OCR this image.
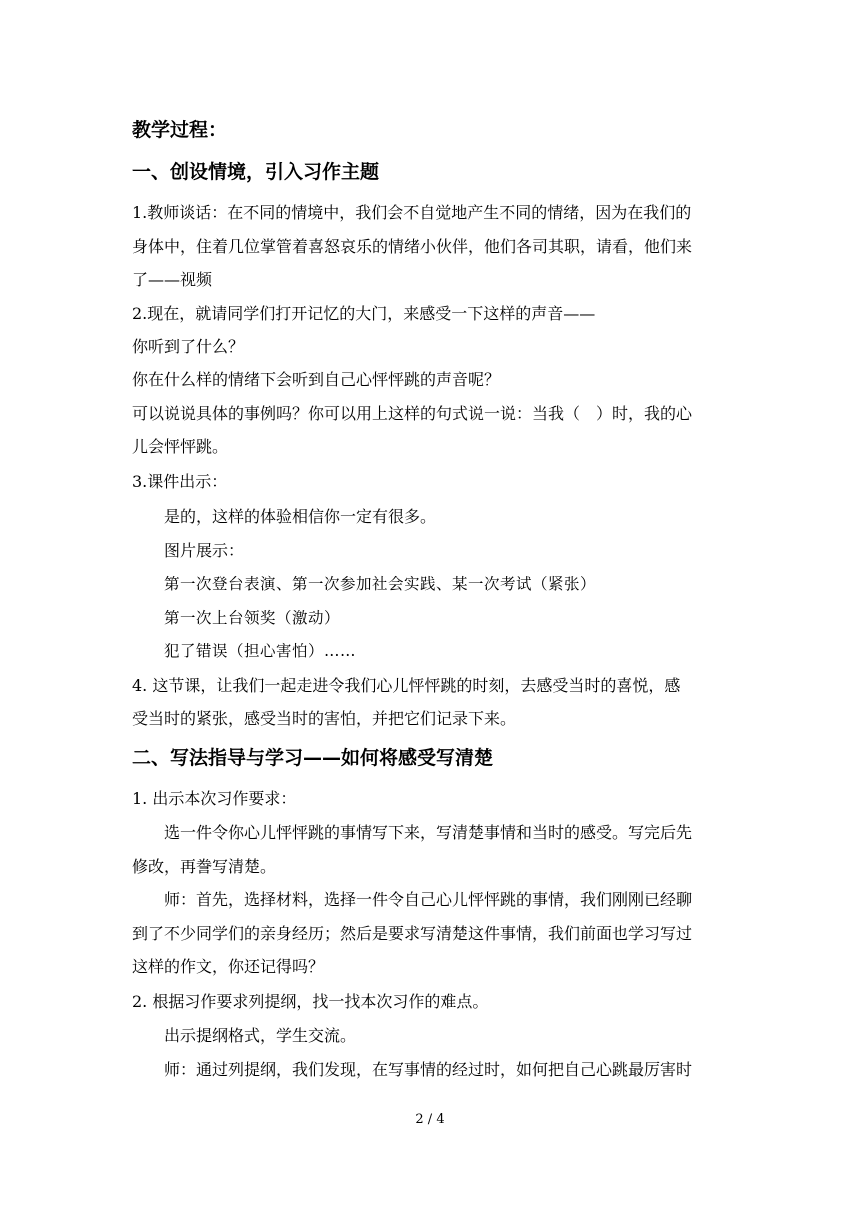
教学过程：
一、创设情境，引入习作主题
1.教师谈话：在不同的情境中，我们会不自觉地产生不同的情绪，因为在我们的
身体中，住着几位掌管着喜怒哀乐的情绪小伙伴，他们各司其职，请看，他们来
了——视频
2.现在，就请同学们打开记忆的大门，来感受一下这样的声音——
你听到了什么？
你在什么样的情绪下会听到自己心怦怦跳的声音呢？
可以说说具体的事例吗？你可以用上这样的句式说一说：当我（　）时，我的心
儿会怦怦跳。
3.课件出示：
是的，这样的体验相信你一定有很多。
图片展示：
第一次登台表演、第一次参加社会实践、某一次考试（紧张）
第一次上台领奖（激动）
犯了错误（担心害怕）……
4. 这节课，让我们一起走进令我们心儿怦怦跳的时刻，去感受当时的喜悦，感
受当时的紧张，感受当时的害怕，并把它们记录下来。
二、写法指导与学习——如何将感受写清楚
1. 出示本次习作要求：
选一件令你心儿怦怦跳的事情写下来，写清楚事情和当时的感受。写完后先
修改，再誊写清楚。
师：首先，选择材料，选择一件令自己心儿怦怦跳的事情，我们刚刚已经聊
到了不少同学们的亲身经历；然后是要求写清楚这件事情，我们前面也学习写过
这样的作文，你还记得吗？
2. 根据习作要求列提纲，找一找本次习作的难点。
出示提纲格式，学生交流。
师：通过列提纲，我们发现，在写事情的经过时，如何把自己心跳最厉害时
2 / 4
